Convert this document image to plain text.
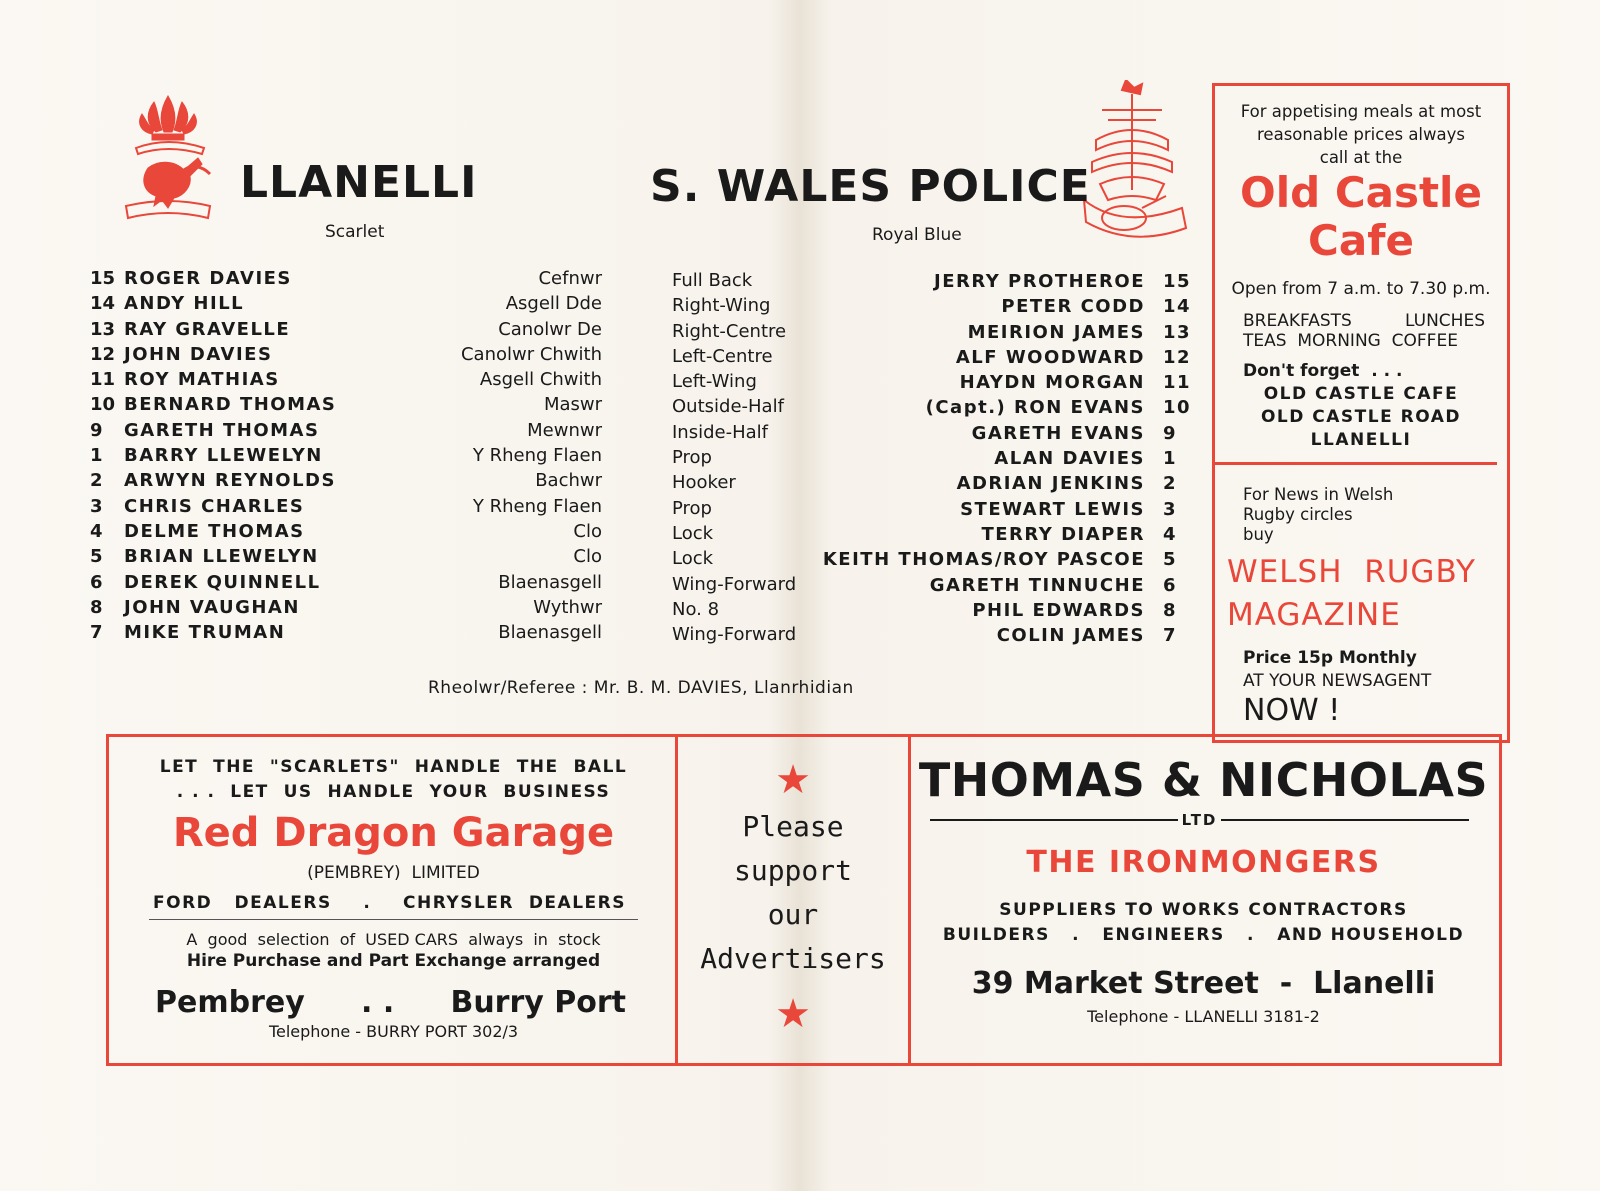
LLANELLI
Scarlet
S. WALES POLICE
Royal Blue
15 ROGER DAVIES
14 ANDY HILL
13 RAY GRAVELLE
12 JOHN DAVIES
11 ROY MATHIAS
10 BERNARD THOMAS
9 GARETH THOMAS
1 BARRY LLEWELYN
2 ARWYN REYNOLDS
3 CHRIS CHARLES
4 DELME THOMAS
5 BRIAN LLEWELYN
6 DEREK QUINNELL
8 JOHN VAUGHAN
7 MIKE TRUMAN
Cefnwr
Asgell Dde
Canolwr De
Canolwr Chwith
Asgell Chwith
Maswr
Mewnwr
Y Rheng Flaen
Bachwr
Y Rheng Flaen
Clo
Clo
Blaenasgell
Wythwr
Blaenasgell
Full Back
Right-Wing
Right-Centre
Left-Centre
Left-Wing
Outside-Half
Inside-Half
Prop
Hooker
Prop
Lock
Lock
Wing-Forward
No. 8
Wing-Forward
JERRY PROTHEROE
PETER CODD
MEIRION JAMES
ALF WOODWARD
HAYDN MORGAN
(Capt.) RON EVANS
GARETH EVANS
ALAN DAVIES
ADRIAN JENKINS
STEWART LEWIS
TERRY DIAPER
KEITH THOMAS/ROY PASCOE
GARETH TINNUCHE
PHIL EDWARDS
COLIN JAMES
15
14
13
12
11
10
9
1
2
3
4
5
6
8
7
Rheolwr/Referee : Mr. B. M. DAVIES, Llanrhidian
For appetising meals at most
reasonable prices always
call at the
Old Castle
Cafe
Open from 7 a.m. to 7.30 p.m.
BREAKFASTS	LUNCHES
TEAS  MORNING  COFFEE
Don't forget  . . .
OLD CASTLE CAFE
OLD CASTLE ROAD
LLANELLI
For News in Welsh
Rugby circles
buy
WELSH  RUGBY
MAGAZINE
Price 15p Monthly
AT YOUR NEWSAGENT
NOW !
LET  THE  "SCARLETS"  HANDLE  THE  BALL
. . .  LET  US  HANDLE  YOUR  BUSINESS
Red Dragon Garage
(PEMBREY)  LIMITED
FORD   DEALERS . CHRYSLER  DEALERS
A  good  selection  of  USED CARS  always  in  stock
Hire Purchase and Part Exchange arranged
Pembrey . . Burry Port
Telephone - BURRY PORT 302/3
★
Please support
our
Advertisers
★
THOMAS & NICHOLAS
LTD
THE IRONMONGERS
SUPPLIERS TO WORKS CONTRACTORS
BUILDERS   .   ENGINEERS   .   AND HOUSEHOLD
39 Market Street  -  Llanelli
Telephone - LLANELLI 3181-2
